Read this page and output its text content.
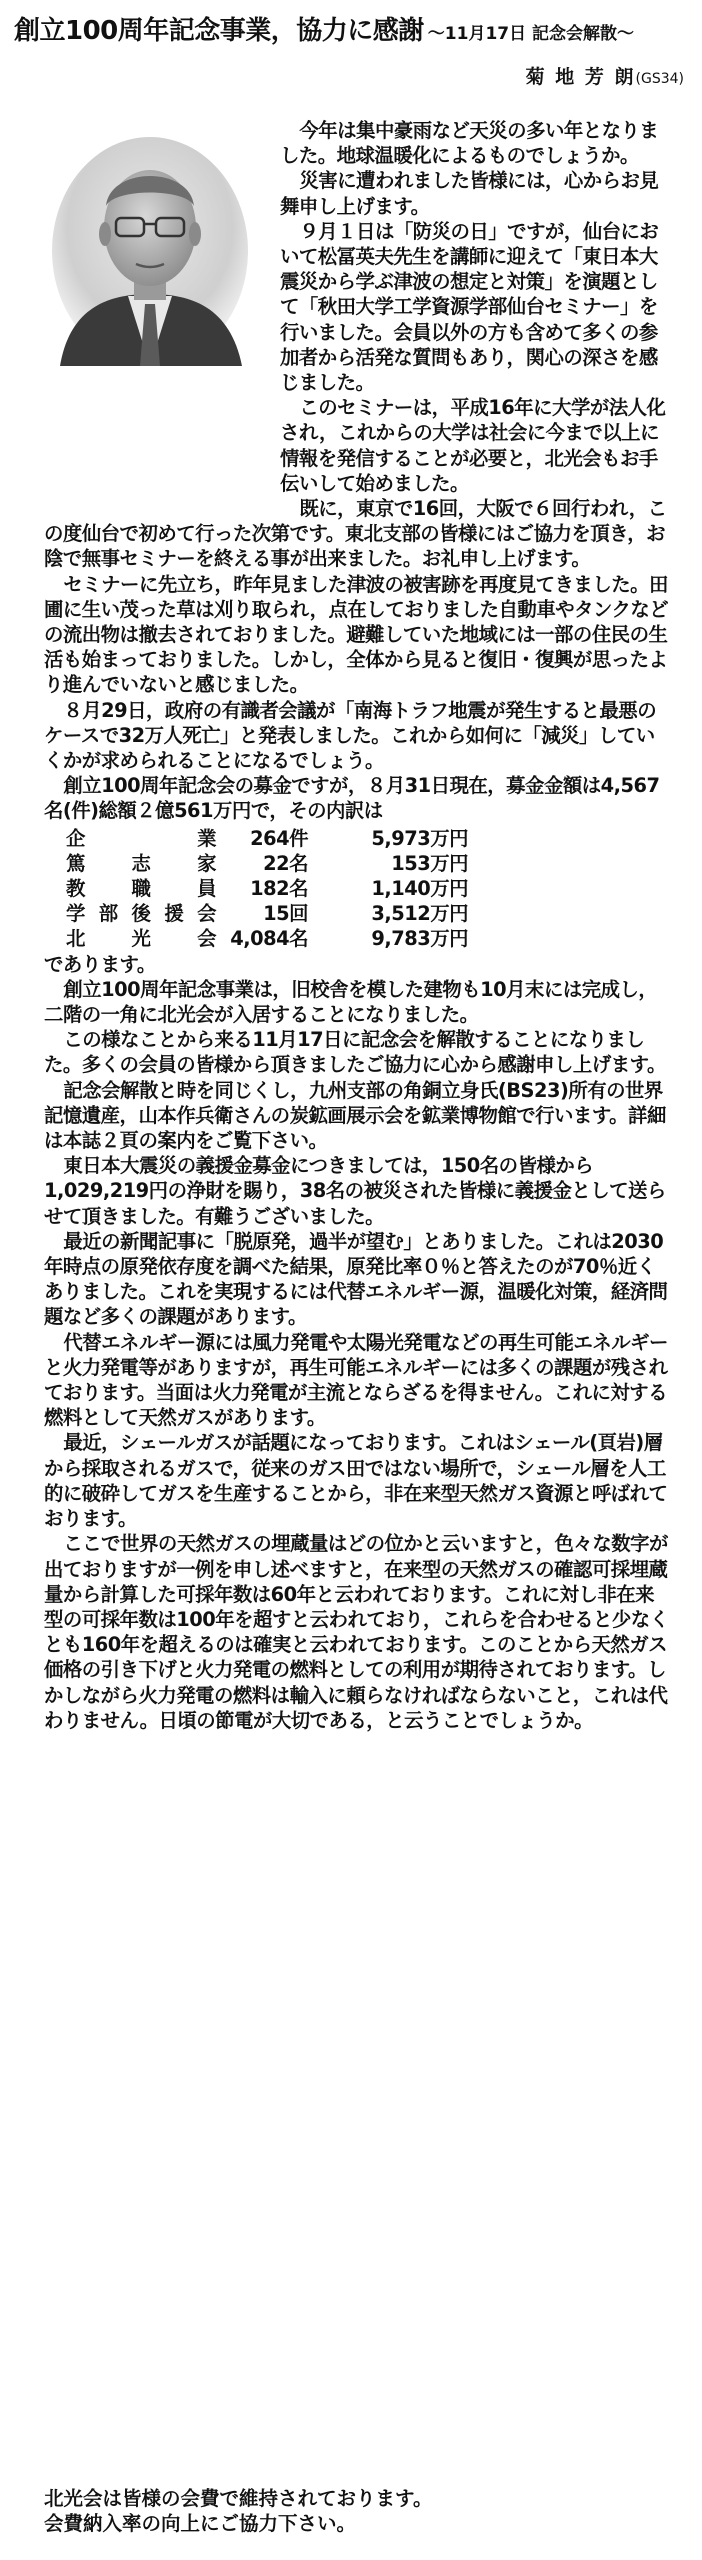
創立100周年記念事業，協力に感謝 ～11月17日 記念会解散～
菊 地 芳 朗(GS34)

今年は集中豪雨など天災の多い年となりました。地球温暖化によるものでしょうか。

災害に遭われました皆様には，心からお見舞申し上げます。

９月１日は「防災の日」ですが，仙台において松冨英夫先生を講師に迎えて「東日本大震災から学ぶ津波の想定と対策」を演題として「秋田大学工学資源学部仙台セミナー」を行いました。会員以外の方も含めて多くの参加者から活発な質問もあり，関心の深さを感じました。

このセミナーは，平成16年に大学が法人化され，これからの大学は社会に今まで以上に情報を発信することが必要と，北光会もお手伝いして始めました。

既に，東京で16回，大阪で６回行われ，この度仙台で初めて行った次第です。東北支部の皆様にはご協力を頂き，お陰で無事セミナーを終える事が出来ました。お礼申し上げます。

セミナーに先立ち，昨年見ました津波の被害跡を再度見てきました。田圃に生い茂った草は刈り取られ，点在しておりました自動車やタンクなどの流出物は撤去されておりました。避難していた地域には一部の住民の生活も始まっておりました。しかし，全体から見ると復旧・復興が思ったより進んでいないと感じました。

８月29日，政府の有識者会議が「南海トラフ地震が発生すると最悪のケースで32万人死亡」と発表しました。これから如何に「減災」していくかが求められることになるでしょう。

創立100周年記念会の募金ですが，８月31日現在，募金金額は4,567名(件)総額２億561万円で，その内訳は

企業	264件	5,973万円
篤志家	22名	153万円
教職員	182名	1,140万円
学部後援会	15回	3,512万円
北光会 4,084名	9,783万円
であります。

創立100周年記念事業は，旧校舎を模した建物も10月末には完成し，二階の一角に北光会が入居することになりました。

この様なことから来る11月17日に記念会を解散することになりました。多くの会員の皆様から頂きましたご協力に心から感謝申し上げます。

記念会解散と時を同じくし，九州支部の角銅立身氏(BS23)所有の世界記憶遺産，山本作兵衛さんの炭鉱画展示会を鉱業博物館で行います。詳細は本誌２頁の案内をご覧下さい。

東日本大震災の義援金募金につきましては，150名の皆様から1,029,219円の浄財を賜り，38名の被災された皆様に義援金として送らせて頂きました。有難うございました。

最近の新聞記事に「脱原発，過半が望む」とありました。これは2030年時点の原発依存度を調べた結果，原発比率０％と答えたのが70％近くありました。これを実現するには代替エネルギー源，温暖化対策，経済問題など多くの課題があります。

代替エネルギー源には風力発電や太陽光発電などの再生可能エネルギーと火力発電等がありますが，再生可能エネルギーには多くの課題が残されております。当面は火力発電が主流とならざるを得ません。これに対する燃料として天然ガスがあります。

最近，シェールガスが話題になっております。これはシェール(頁岩)層から採取されるガスで，従来のガス田ではない場所で，シェール層を人工的に破砕してガスを生産することから，非在来型天然ガス資源と呼ばれております。

ここで世界の天然ガスの埋蔵量はどの位かと云いますと，色々な数字が出ておりますが一例を申し述べますと，在来型の天然ガスの確認可採埋蔵量から計算した可採年数は60年と云われております。これに対し非在来型の可採年数は100年を超すと云われており，これらを合わせると少なくとも160年を超えるのは確実と云われております。このことから天然ガス価格の引き下げと火力発電の燃料としての利用が期待されております。しかしながら火力発電の燃料は輸入に頼らなければならないこと，これは代わりません。日頃の節電が大切である，と云うことでしょうか。

北光会は皆様の会費で維持されております。
会費納入率の向上にご協力下さい。
